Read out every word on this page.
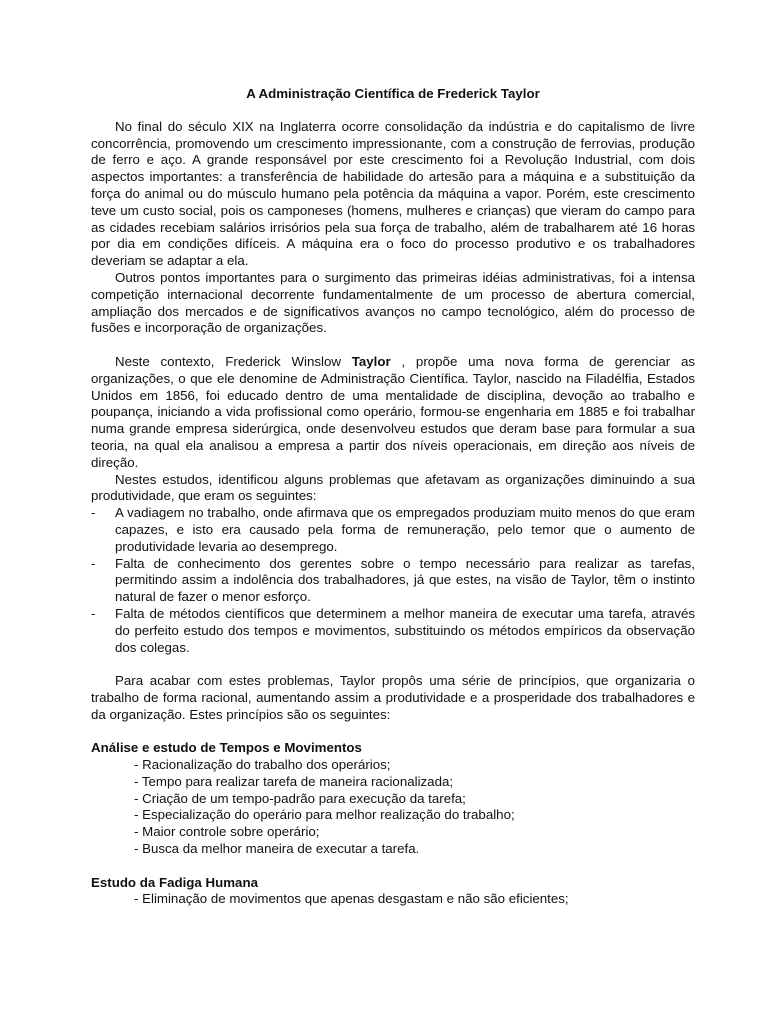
A Administração Científica de Frederick Taylor

No final do século XIX na Inglaterra ocorre consolidação da indústria e do capitalismo de livre concorrência, promovendo um crescimento impressionante, com a construção de ferrovias, produção de ferro e aço. A grande responsável por este crescimento foi a Revolução Industrial, com dois aspectos importantes: a transferência de habilidade do artesão para a máquina e a substituição da força do animal ou do músculo humano pela potência da máquina a vapor. Porém, este crescimento teve um custo social, pois os camponeses (homens, mulheres e crianças) que vieram do campo para as cidades recebiam salários irrisórios pela sua força de trabalho, além de trabalharem até 16 horas por dia em condições difíceis. A máquina era o foco do processo produtivo e os trabalhadores deveriam se adaptar a ela.

Outros pontos importantes para o surgimento das primeiras idéias administrativas, foi a intensa competição internacional decorrente fundamentalmente de um processo de abertura comercial, ampliação dos mercados e de significativos avanços no campo tecnológico, além do processo de fusões e incorporação de organizações.

Neste contexto, Frederick Winslow Taylor , propõe uma nova forma de gerenciar as organizações, o que ele denomine de Administração Científica. Taylor, nascido na Filadélfia, Estados Unidos em 1856, foi educado dentro de uma mentalidade de disciplina, devoção ao trabalho e poupança, iniciando a vida profissional como operário, formou-se engenharia em 1885 e foi trabalhar numa grande empresa siderúrgica, onde desenvolveu estudos que deram base para formular a sua teoria, na qual ela analisou a empresa a partir dos níveis operacionais, em direção aos níveis de direção.

Nestes estudos, identificou alguns problemas que afetavam as organizações diminuindo a sua produtividade, que eram os seguintes:

- A vadiagem no trabalho, onde afirmava que os empregados produziam muito menos do que eram capazes, e isto era causado pela forma de remuneração, pelo temor que o aumento de produtividade levaria ao desemprego.
- Falta de conhecimento dos gerentes sobre o tempo necessário para realizar as tarefas, permitindo assim a indolência dos trabalhadores, já que estes, na visão de Taylor, têm o instinto natural de fazer o menor esforço.
- Falta de métodos científicos que determinem a melhor maneira de executar uma tarefa, através do perfeito estudo dos tempos e movimentos, substituindo os métodos empíricos da observação dos colegas.

Para acabar com estes problemas, Taylor propôs uma série de princípios, que organizaria o trabalho de forma racional, aumentando assim a produtividade e a prosperidade dos trabalhadores e da organização. Estes princípios são os seguintes:

Análise e estudo de Tempos e Movimentos
- Racionalização do trabalho dos operários;
- Tempo para realizar tarefa de maneira racionalizada;
- Criação de um tempo-padrão para execução da tarefa;
- Especialização do operário para melhor realização do trabalho;
- Maior controle sobre operário;
- Busca da melhor maneira de executar a tarefa.
Estudo da Fadiga Humana
- Eliminação de movimentos que apenas desgastam e não são eficientes;
